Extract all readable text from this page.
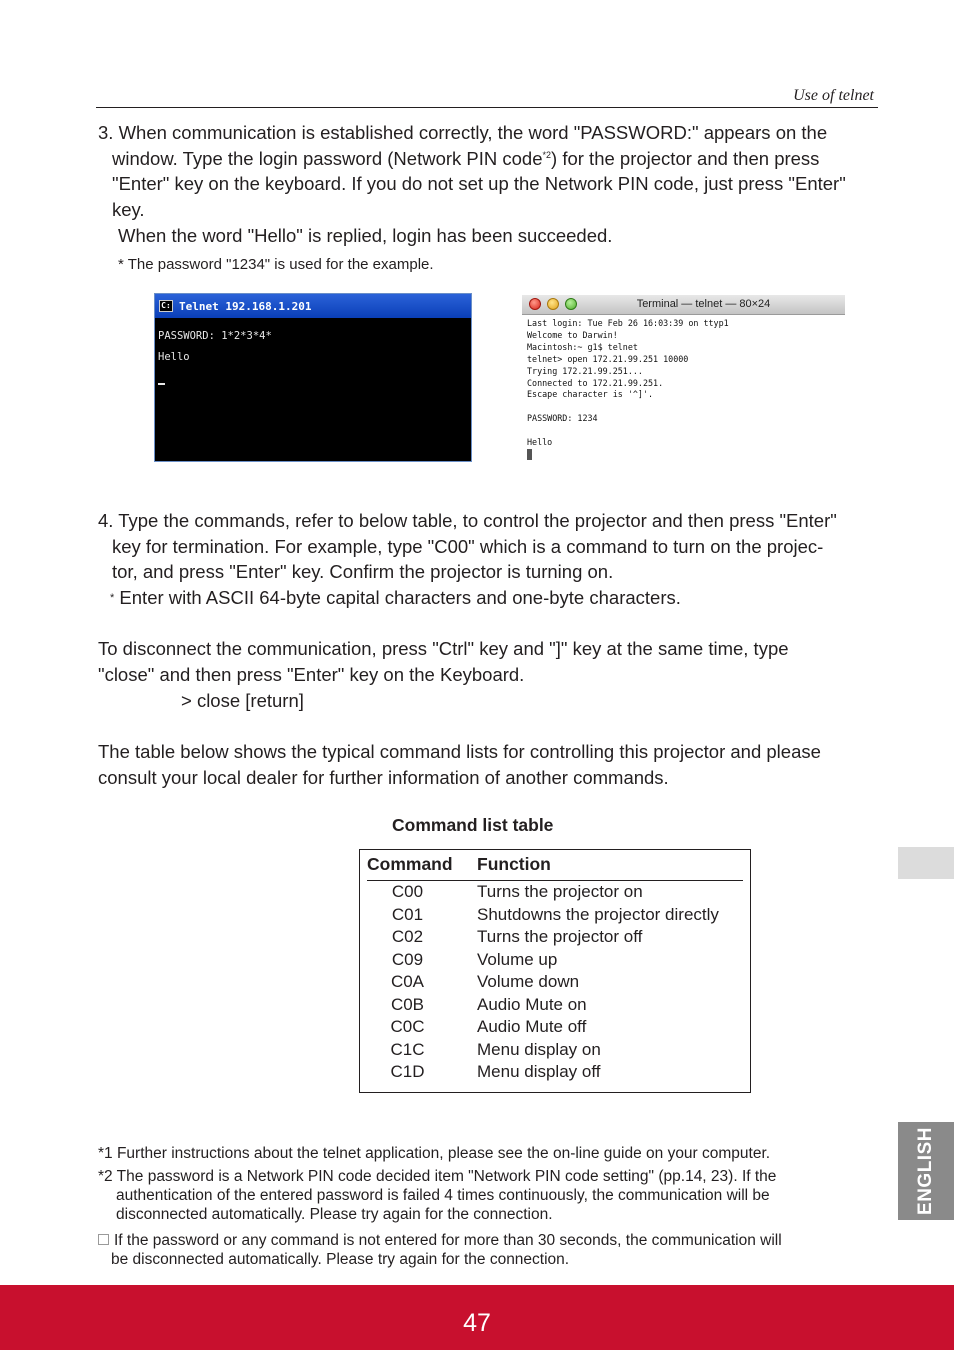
Use of telnet
3. When communication is established correctly, the word "PASSWORD:" appears on the
window. Type the login password (Network PIN code$^{*2}$) for the projector and then press
"Enter" key on the keyboard. If you do not set up the Network PIN code, just press "Enter"
key.
When the word "Hello" is replied, login has been succeeded.
* The password "1234" is used for the example.
C: Telnet 192.168.1.201
PASSWORD: 1*2*3*4*
Hello
Terminal — telnet — 80×24
Last login: Tue Feb 26 16:03:39 on ttyp1
Welcome to Darwin!
Macintosh:~ g1$ telnet
telnet> open 172.21.99.251 10000
Trying 172.21.99.251...
Connected to 172.21.99.251.
Escape character is '^]'.

PASSWORD: 1234

Hello
4. Type the commands, refer to below table, to control the projector and then press "Enter"
key for termination. For example, type "C00" which is a command to turn on the projec-
tor, and press "Enter" key. Confirm the projector is turning on.
* Enter with ASCII 64-byte capital characters and one-byte characters.
To disconnect the communication, press "Ctrl" key and "]" key at the same time, type
"close" and then press "Enter" key on the Keyboard.
> close [return]
The table below shows the typical command lists for controlling this projector and please
consult your local dealer for further information of another commands.
Command list table
Command Function
C00	Turns the projector on
C01	Shutdowns the projector directly
C02	Turns the projector off
C09	Volume up
C0A	Volume down
C0B	Audio Mute on
C0C	Audio Mute off
C1C	Menu display on
C1D	Menu display off
*1 Further instructions about the telnet application, please see the on-line guide on your computer.
*2 The password is a Network PIN code decided item "Network PIN code setting" (pp.14, 23). If the
authentication of the entered password is failed 4 times continuously, the communication will be
disconnected automatically. Please try again for the connection.
If the password or any command is not entered for more than 30 seconds, the communication will
be disconnected automatically. Please try again for the connection.
ENGLISH
47
